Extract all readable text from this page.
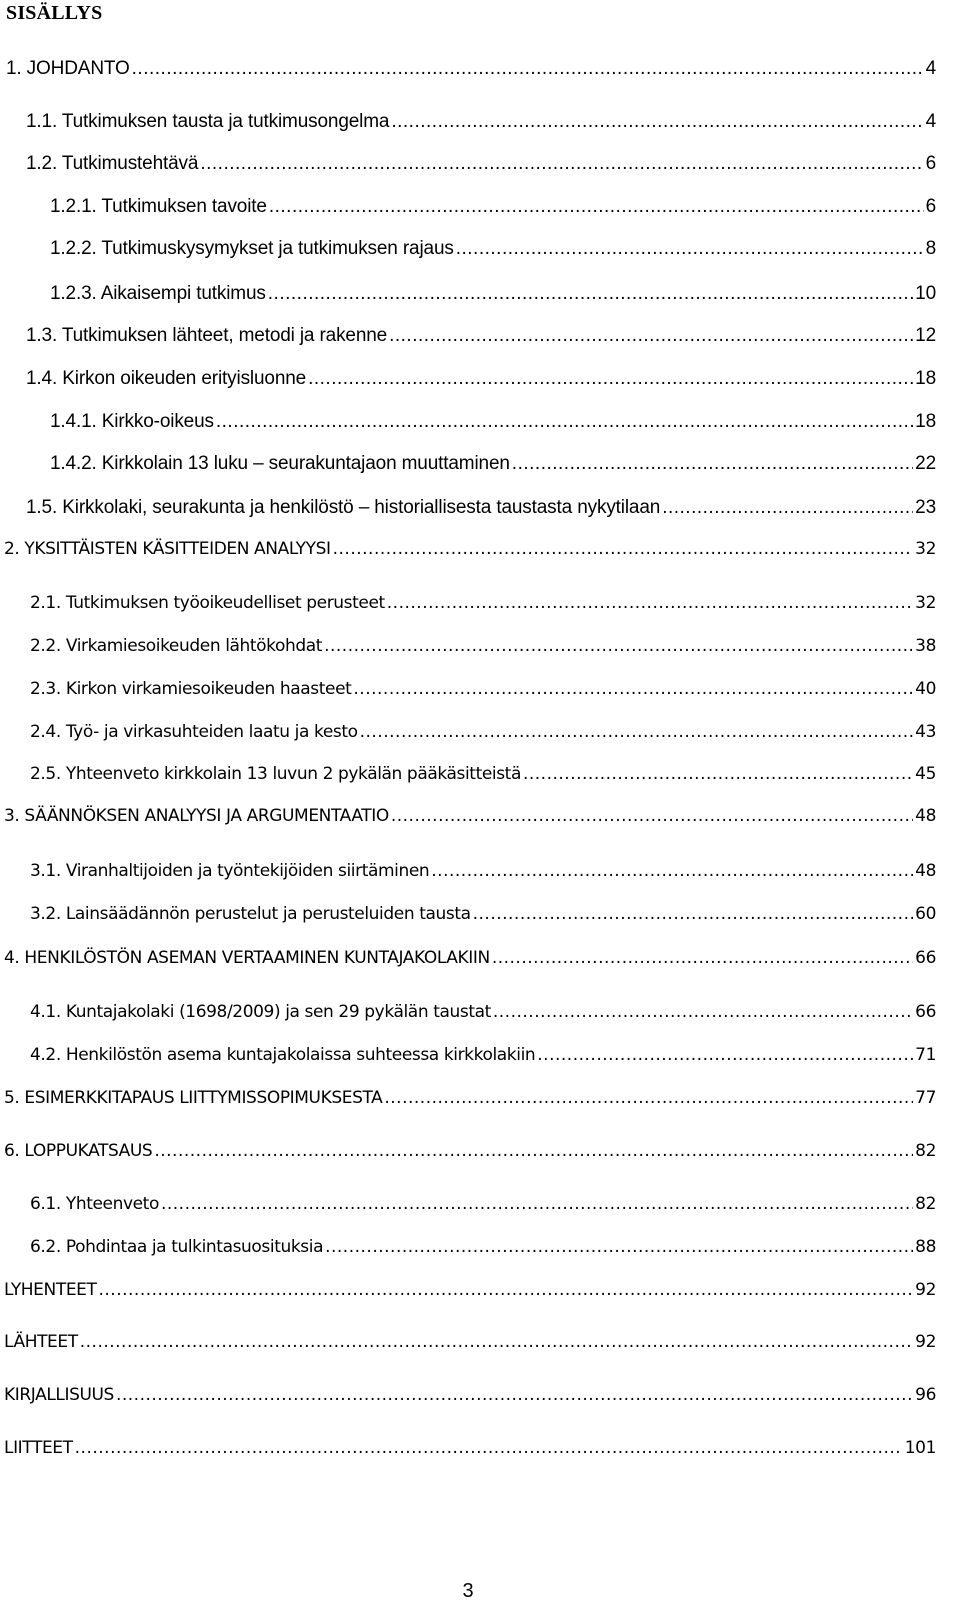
SISÄLLYS
1. JOHDANTO .....	4
1.1. Tutkimuksen tausta ja tutkimusongelma .....	4
1.2. Tutkimustehtävä .....	6
1.2.1. Tutkimuksen tavoite .....	6
1.2.2. Tutkimuskysymykset ja tutkimuksen rajaus .....	8
1.2.3. Aikaisempi tutkimus .....	10
1.3. Tutkimuksen lähteet, metodi ja rakenne .....	12
1.4. Kirkon oikeuden erityisluonne .....	18
1.4.1. Kirkko-oikeus .....	18
1.4.2. Kirkkolain 13 luku – seurakuntajaon muuttaminen .....	22
1.5. Kirkkolaki, seurakunta ja henkilöstö – historiallisesta taustasta nykytilaan .....	23
2. YKSITTÄISTEN KÄSITTEIDEN ANALYYSI .....	32
2.1. Tutkimuksen työoikeudelliset perusteet .....	32
2.2. Virkamiesoikeuden lähtökohdat .....	38
2.3. Kirkon virkamiesoikeuden haasteet .....	40
2.4. Työ- ja virkasuhteiden laatu ja kesto .....	43
2.5. Yhteenveto kirkkolain 13 luvun 2 pykälän pääkäsitteistä .....	45
3. SÄÄNNÖKSEN ANALYYSI JA ARGUMENTAATIO .....	48
3.1. Viranhaltijoiden ja työntekijöiden siirtäminen .....	48
3.2. Lainsäädännön perustelut ja perusteluiden tausta .....	60
4. HENKILÖSTÖN ASEMAN VERTAAMINEN KUNTAJAKOLAKIIN .....	66
4.1. Kuntajakolaki (1698/2009) ja sen 29 pykälän taustat .....	66
4.2. Henkilöstön asema kuntajakolaissa suhteessa kirkkolakiin .....	71
5. ESIMERKKITAPAUS LIITTYMISSOPIMUKSESTA .....	77
6. LOPPUKATSAUS .....	82
6.1. Yhteenveto .....	82
6.2. Pohdintaa ja tulkintasuosituksia .....	88
LYHENTEET .....	92
LÄHTEET .....	92
KIRJALLISUUS .....	96
LIITTEET .....	101
3
